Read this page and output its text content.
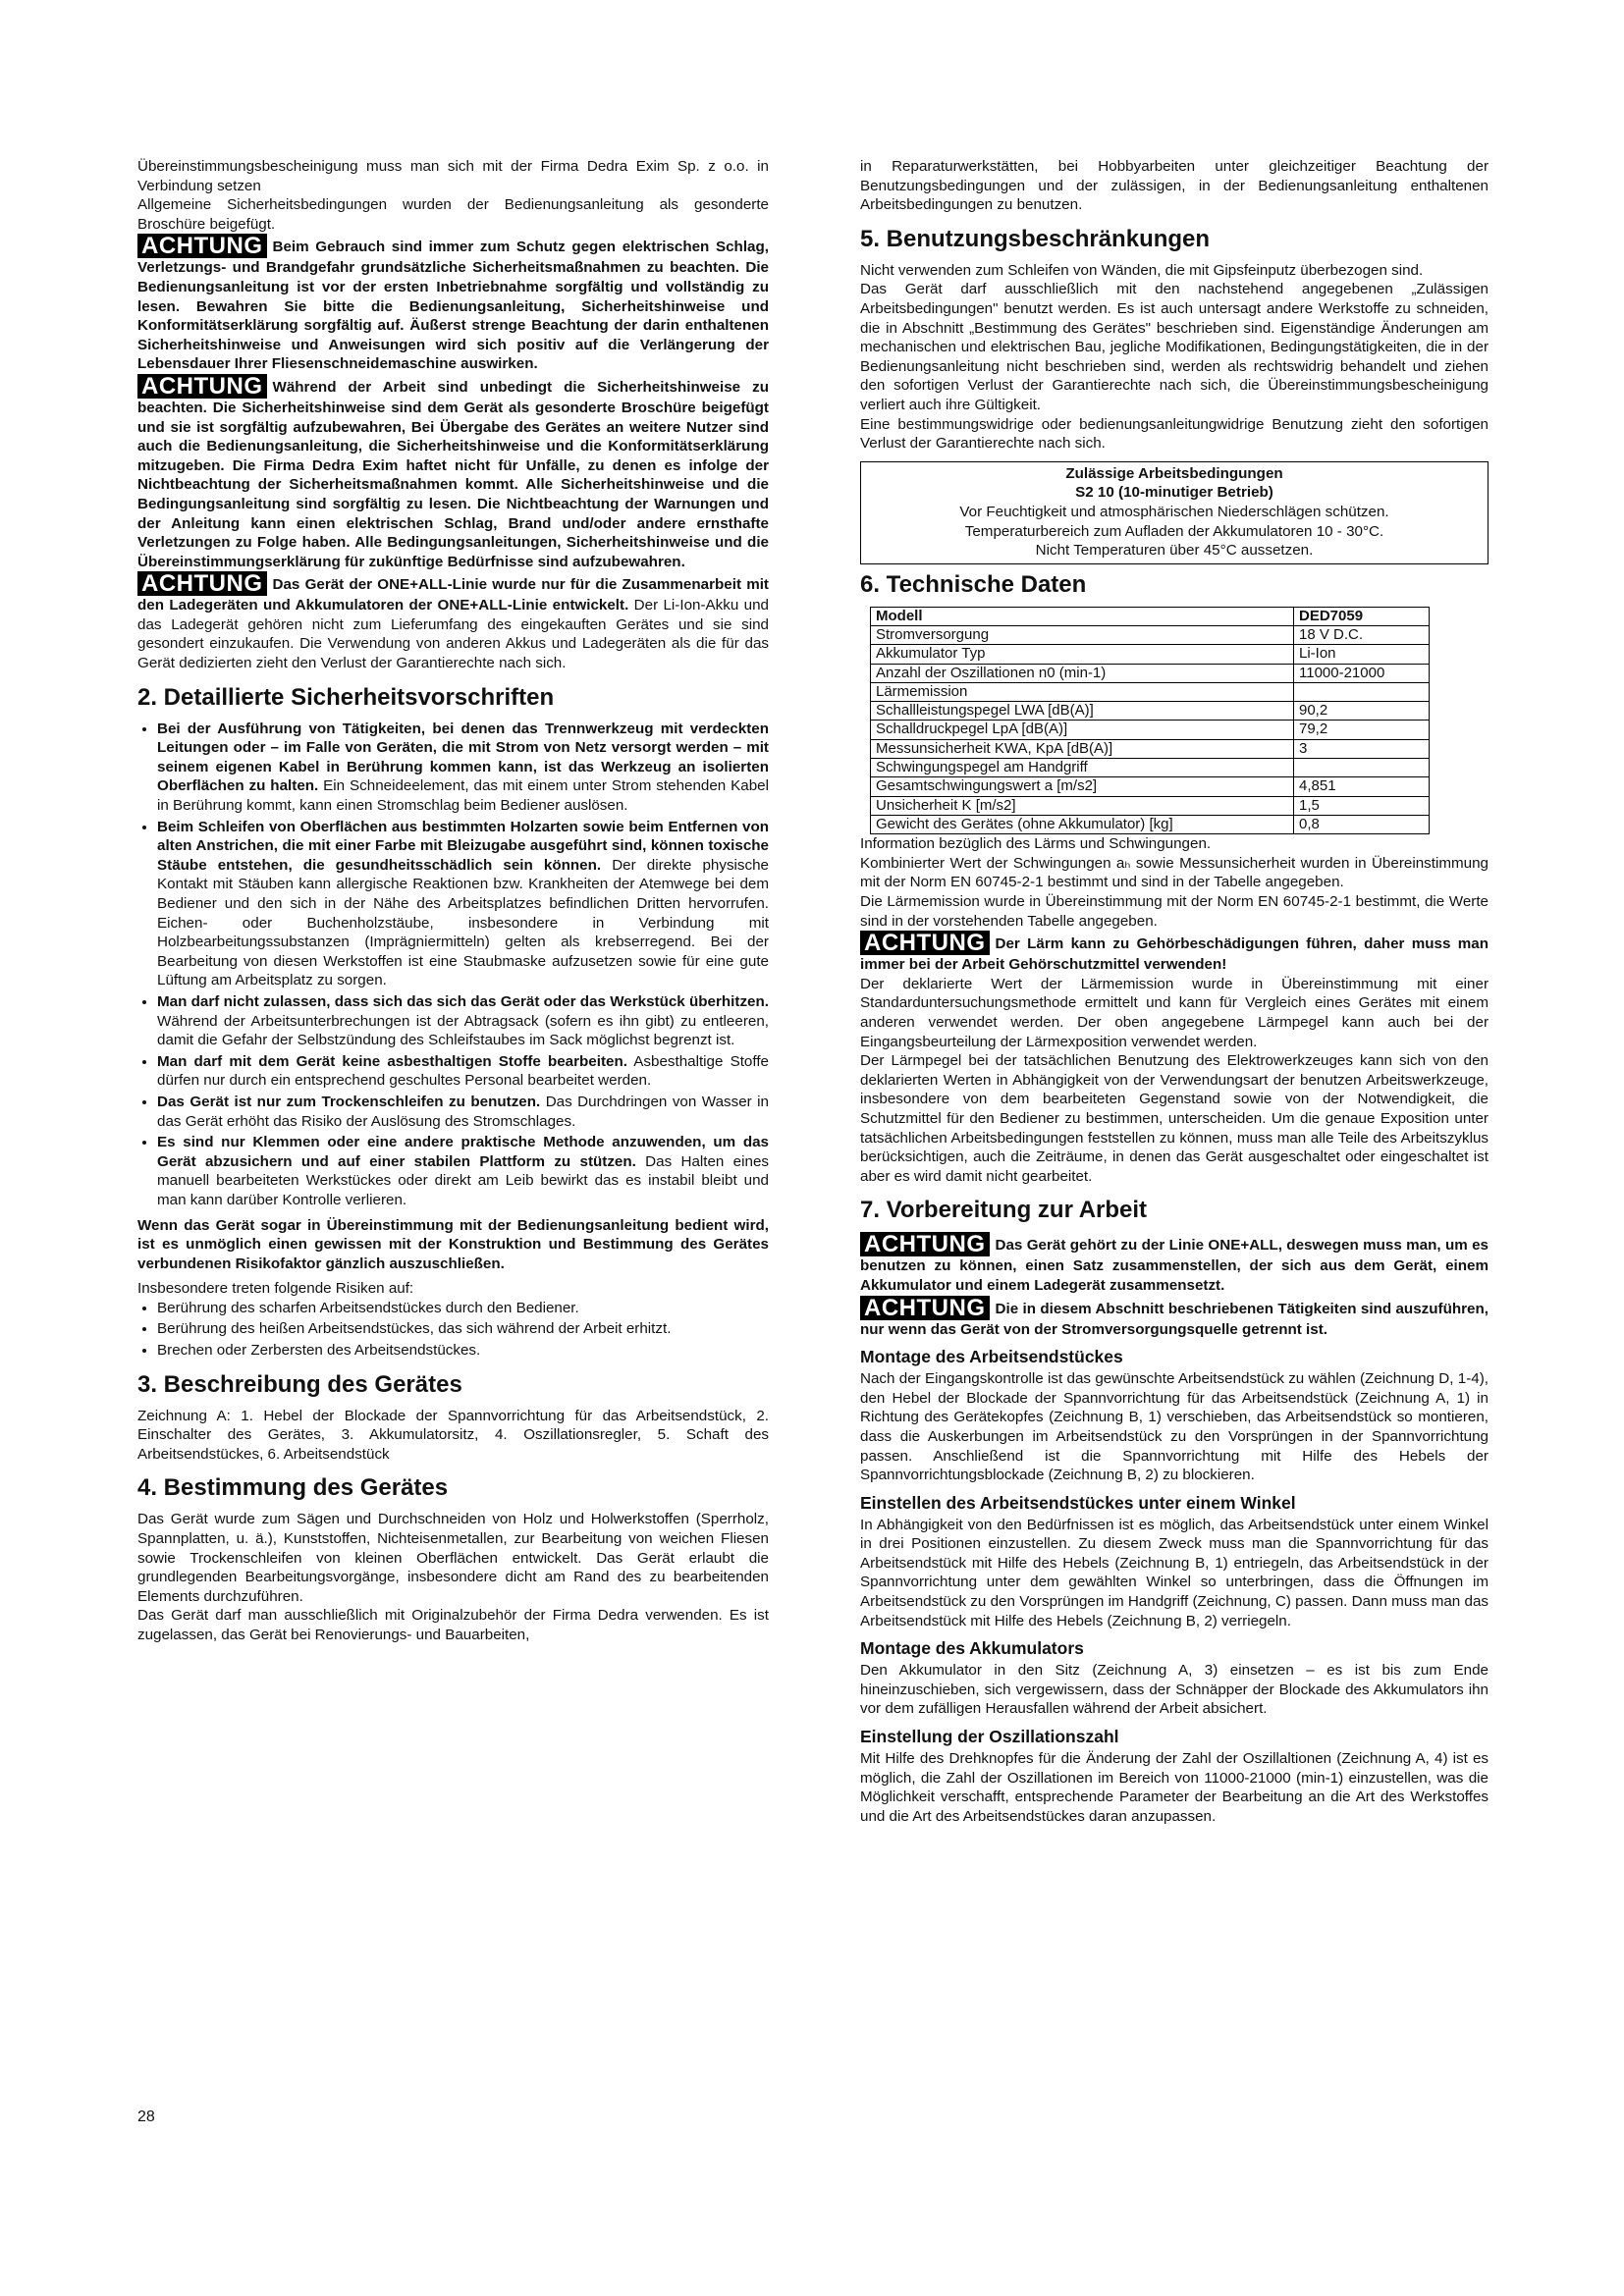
Übereinstimmungsbescheinigung muss man sich mit der Firma Dedra Exim Sp. z o.o. in Verbindung setzen

Allgemeine Sicherheitsbedingungen wurden der Bedienungsanleitung als gesonderte Broschüre beigefügt.

ACHTUNG Beim Gebrauch sind immer zum Schutz gegen elektrischen Schlag, Verletzungs- und Brandgefahr grundsätzliche Sicherheitsmaßnahmen zu beachten. Die Bedienungsanleitung ist vor der ersten Inbetriebnahme sorgfältig und vollständig zu lesen. Bewahren Sie bitte die Bedienungsanleitung, Sicherheitshinweise und Konformitätserklärung sorgfältig auf. Äußerst strenge Beachtung der darin enthaltenen Sicherheitshinweise und Anweisungen wird sich positiv auf die Verlängerung der Lebensdauer Ihrer Fliesenschneidemaschine auswirken.

ACHTUNG Während der Arbeit sind unbedingt die Sicherheitshinweise zu beachten. Die Sicherheitshinweise sind dem Gerät als gesonderte Broschüre beigefügt und sie ist sorgfältig aufzubewahren, Bei Übergabe des Gerätes an weitere Nutzer sind auch die Bedienungsanleitung, die Sicherheitshinweise und die Konformitätserklärung mitzugeben. Die Firma Dedra Exim haftet nicht für Unfälle, zu denen es infolge der Nichtbeachtung der Sicherheitsmaßnahmen kommt. Alle Sicherheitshinweise und die Bedingungsanleitung sind sorgfältig zu lesen. Die Nichtbeachtung der Warnungen und der Anleitung kann einen elektrischen Schlag, Brand und/oder andere ernsthafte Verletzungen zu Folge haben. Alle Bedingungsanleitungen, Sicherheitshinweise und die Übereinstimmungserklärung für zukünftige Bedürfnisse sind aufzubewahren.

ACHTUNG Das Gerät der ONE+ALL-Linie wurde nur für die Zusammenarbeit mit den Ladegeräten und Akkumulatoren der ONE+ALL-Linie entwickelt. Der Li-Ion-Akku und das Ladegerät gehören nicht zum Lieferumfang des eingekauften Gerätes und sie sind gesondert einzukaufen. Die Verwendung von anderen Akkus und Ladegeräten als die für das Gerät dedizierten zieht den Verlust der Garantierechte nach sich.

2. Detaillierte Sicherheitsvorschriften
• Bei der Ausführung von Tätigkeiten, bei denen das Trennwerkzeug mit verdeckten Leitungen oder – im Falle von Geräten, die mit Strom von Netz versorgt werden – mit seinem eigenen Kabel in Berührung kommen kann, ist das Werkzeug an isolierten Oberflächen zu halten. Ein Schneideelement, das mit einem unter Strom stehenden Kabel in Berührung kommt, kann einen Stromschlag beim Bediener auslösen.
• Beim Schleifen von Oberflächen aus bestimmten Holzarten sowie beim Entfernen von alten Anstrichen, die mit einer Farbe mit Bleizugabe ausgeführt sind, können toxische Stäube entstehen, die gesundheitsschädlich sein können. Der direkte physische Kontakt mit Stäuben kann allergische Reaktionen bzw. Krankheiten der Atemwege bei dem Bediener und den sich in der Nähe des Arbeitsplatzes befindlichen Dritten hervorrufen. Eichen- oder Buchenholzstäube, insbesondere in Verbindung mit Holzbearbeitungssubstanzen (Imprägniermitteln) gelten als krebserregend. Bei der Bearbeitung von diesen Werkstoffen ist eine Staubmaske aufzusetzen sowie für eine gute Lüftung am Arbeitsplatz zu sorgen.
• Man darf nicht zulassen, dass sich das sich das Gerät oder das Werkstück überhitzen. Während der Arbeitsunterbrechungen ist der Abtragsack (sofern es ihn gibt) zu entleeren, damit die Gefahr der Selbstzündung des Schleifstaubes im Sack möglichst begrenzt ist.
• Man darf mit dem Gerät keine asbesthaltigen Stoffe bearbeiten. Asbesthaltige Stoffe dürfen nur durch ein entsprechend geschultes Personal bearbeitet werden.
• Das Gerät ist nur zum Trockenschleifen zu benutzen. Das Durchdringen von Wasser in das Gerät erhöht das Risiko der Auslösung des Stromschlages.
• Es sind nur Klemmen oder eine andere praktische Methode anzuwenden, um das Gerät abzusichern und auf einer stabilen Plattform zu stützen. Das Halten eines manuell bearbeiteten Werkstückes oder direkt am Leib bewirkt das es instabil bleibt und man kann darüber Kontrolle verlieren.

Wenn das Gerät sogar in Übereinstimmung mit der Bedienungsanleitung bedient wird, ist es unmöglich einen gewissen mit der Konstruktion und Bestimmung des Gerätes verbundenen Risikofaktor gänzlich auszuschließen.

Insbesondere treten folgende Risiken auf:

• Berührung des scharfen Arbeitsendstückes durch den Bediener.
• Berührung des heißen Arbeitsendstückes, das sich während der Arbeit erhitzt.
• Brechen oder Zerbersten des Arbeitsendstückes.
3. Beschreibung des Gerätes

Zeichnung A: 1. Hebel der Blockade der Spannvorrichtung für das Arbeitsendstück, 2. Einschalter des Gerätes, 3. Akkumulatorsitz, 4. Oszillationsregler, 5. Schaft des Arbeitsendstückes, 6. Arbeitsendstück

4. Bestimmung des Gerätes

Das Gerät wurde zum Sägen und Durchschneiden von Holz und Holwerkstoffen (Sperrholz, Spannplatten, u. ä.), Kunststoffen, Nichteisenmetallen, zur Bearbeitung von weichen Fliesen sowie Trockenschleifen von kleinen Oberflächen entwickelt. Das Gerät erlaubt die grundlegenden Bearbeitungsvorgänge, insbesondere dicht am Rand des zu bearbeitenden Elements durchzuführen.

Das Gerät darf man ausschließlich mit Originalzubehör der Firma Dedra verwenden. Es ist zugelassen, das Gerät bei Renovierungs- und Bauarbeiten,

in Reparaturwerkstätten, bei Hobbyarbeiten unter gleichzeitiger Beachtung der Benutzungsbedingungen und der zulässigen, in der Bedienungsanleitung enthaltenen Arbeitsbedingungen zu benutzen.

5. Benutzungsbeschränkungen

Nicht verwenden zum Schleifen von Wänden, die mit Gipsfeinputz überbezogen sind.

Das Gerät darf ausschließlich mit den nachstehend angegebenen „Zulässigen Arbeitsbedingungen" benutzt werden. Es ist auch untersagt andere Werkstoffe zu schneiden, die in Abschnitt „Bestimmung des Gerätes" beschrieben sind. Eigenständige Änderungen am mechanischen und elektrischen Bau, jegliche Modifikationen, Bedingungstätigkeiten, die in der Bedienungsanleitung nicht beschrieben sind, werden als rechtswidrig behandelt und ziehen den sofortigen Verlust der Garantierechte nach sich, die Übereinstimmungsbescheinigung verliert auch ihre Gültigkeit.

Eine bestimmungswidrige oder bedienungsanleitungwidrige Benutzung zieht den sofortigen Verlust der Garantierechte nach sich.

Zulässige Arbeitsbedingungen
S2 10 (10-minutiger Betrieb)
Vor Feuchtigkeit und atmosphärischen Niederschlägen schützen.
Temperaturbereich zum Aufladen der Akkumulatoren 10 - 30°C.
Nicht Temperaturen über 45°C aussetzen.
6. Technische Daten
Modell	DED7059
Stromversorgung	18 V D.C.
Akkumulator Typ	Li-Ion
Anzahl der Oszillationen n0 (min-1)	11000-21000
Lärmemission	
Schallleistungspegel LWA [dB(A)]	90,2
Schalldruckpegel LpA [dB(A)]	79,2
Messunsicherheit KWA, KpA [dB(A)]	3
Schwingungspegel am Handgriff	
Gesamtschwingungswert a [m/s2]	4,851
Unsicherheit K [m/s2]	1,5
Gewicht des Gerätes (ohne Akkumulator) [kg]	0,8

Information bezüglich des Lärms und Schwingungen.

Kombinierter Wert der Schwingungen aₕ sowie Messunsicherheit wurden in Übereinstimmung mit der Norm EN 60745-2-1 bestimmt und sind in der Tabelle angegeben.

Die Lärmemission wurde in Übereinstimmung mit der Norm EN 60745-2-1 bestimmt, die Werte sind in der vorstehenden Tabelle angegeben.

ACHTUNG Der Lärm kann zu Gehörbeschädigungen führen, daher muss man immer bei der Arbeit Gehörschutzmittel verwenden!

Der deklarierte Wert der Lärmemission wurde in Übereinstimmung mit einer Standarduntersuchungsmethode ermittelt und kann für Vergleich eines Gerätes mit einem anderen verwendet werden. Der oben angegebene Lärmpegel kann auch bei der Eingangsbeurteilung der Lärmexposition verwendet werden.

Der Lärmpegel bei der tatsächlichen Benutzung des Elektrowerkzeuges kann sich von den deklarierten Werten in Abhängigkeit von der Verwendungsart der benutzen Arbeitswerkzeuge, insbesondere von dem bearbeiteten Gegenstand sowie von der Notwendigkeit, die Schutzmittel für den Bediener zu bestimmen, unterscheiden. Um die genaue Exposition unter tatsächlichen Arbeitsbedingungen feststellen zu können, muss man alle Teile des Arbeitszyklus berücksichtigen, auch die Zeiträume, in denen das Gerät ausgeschaltet oder eingeschaltet ist aber es wird damit nicht gearbeitet.

7. Vorbereitung zur Arbeit

ACHTUNG Das Gerät gehört zu der Linie ONE+ALL, deswegen muss man, um es benutzen zu können, einen Satz zusammenstellen, der sich aus dem Gerät, einem Akkumulator und einem Ladegerät zusammensetzt.

ACHTUNG Die in diesem Abschnitt beschriebenen Tätigkeiten sind auszuführen, nur wenn das Gerät von der Stromversorgungsquelle getrennt ist.

Montage des Arbeitsendstückes

Nach der Eingangskontrolle ist das gewünschte Arbeitsendstück zu wählen (Zeichnung D, 1-4), den Hebel der Blockade der Spannvorrichtung für das Arbeitsendstück (Zeichnung A, 1) in Richtung des Gerätekopfes (Zeichnung B, 1) verschieben, das Arbeitsendstück so montieren, dass die Auskerbungen im Arbeitsendstück zu den Vorsprüngen in der Spannvorrichtung passen. Anschließend ist die Spannvorrichtung mit Hilfe des Hebels der Spannvorrichtungsblockade (Zeichnung B, 2) zu blockieren.

Einstellen des Arbeitsendstückes unter einem Winkel

In Abhängigkeit von den Bedürfnissen ist es möglich, das Arbeitsendstück unter einem Winkel in drei Positionen einzustellen. Zu diesem Zweck muss man die Spannvorrichtung für das Arbeitsendstück mit Hilfe des Hebels (Zeichnung B, 1) entriegeln, das Arbeitsendstück in der Spannvorrichtung unter dem gewählten Winkel so unterbringen, dass die Öffnungen im Arbeitsendstück zu den Vorsprüngen im Handgriff (Zeichnung, C) passen. Dann muss man das Arbeitsendstück mit Hilfe des Hebels (Zeichnung B, 2) verriegeln.

Montage des Akkumulators

Den Akkumulator in den Sitz (Zeichnung A, 3) einsetzen – es ist bis zum Ende hineinzuschieben, sich vergewissern, dass der Schnäpper der Blockade des Akkumulators ihn vor dem zufälligen Herausfallen während der Arbeit absichert.

Einstellung der Oszillationszahl

Mit Hilfe des Drehknopfes für die Änderung der Zahl der Oszillaltionen (Zeichnung A, 4) ist es möglich, die Zahl der Oszillationen im Bereich von 11000-21000 (min-1) einzustellen, was die Möglichkeit verschafft, entsprechende Parameter der Bearbeitung an die Art des Werkstoffes und die Art des Arbeitsendstückes daran anzupassen.

28
